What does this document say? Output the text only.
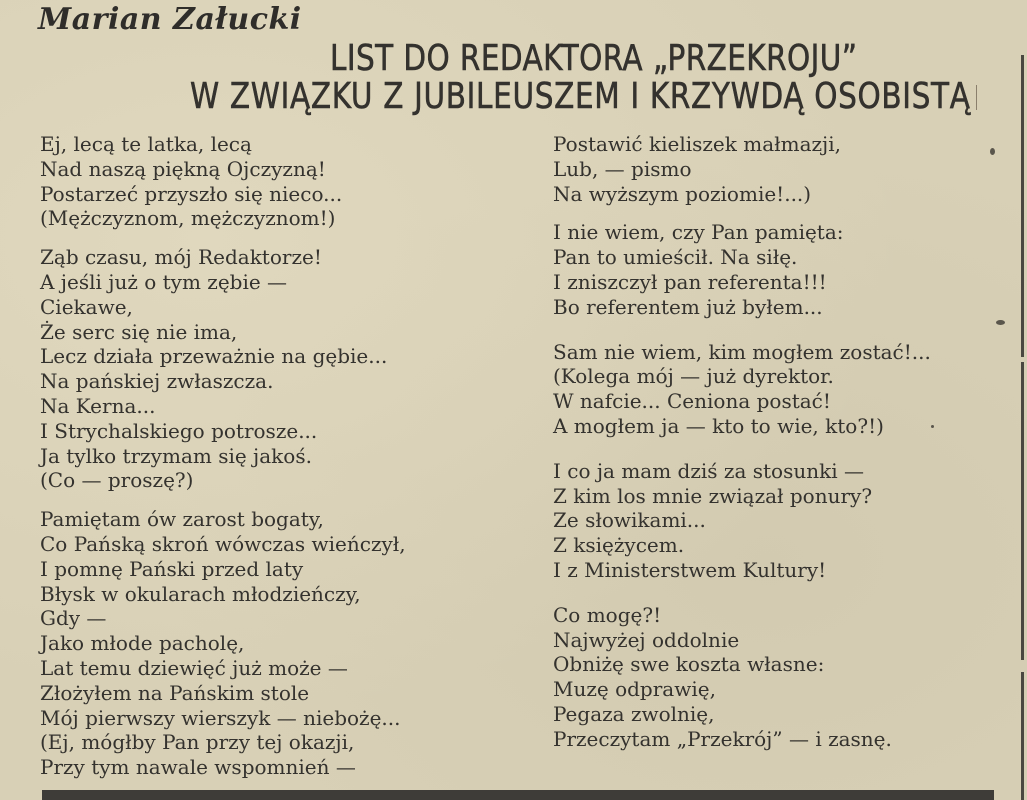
Marian Załucki
LIST DO REDAKTORA „PRZEKROJU”
W ZWIĄZKU Z JUBILEUSZEM I KRZYWDĄ OSOBISTĄ
Ej, lecą te latka, lecą
Nad naszą piękną Ojczyzną!
Postarzeć przyszło się nieco...
(Mężczyznom, mężczyznom!)
Ząb czasu, mój Redaktorze!
A jeśli już o tym zębie —
Ciekawe,
Że serc się nie ima,
Lecz działa przeważnie na gębie...
Na pańskiej zwłaszcza.
Na Kerna...
I Strychalskiego potrosze...
Ja tylko trzymam się jakoś.
(Co — proszę?)
Pamiętam ów zarost bogaty,
Co Pańską skroń wówczas wieńczył,
I pomnę Pański przed laty
Błysk w okularach młodzieńczy,
Gdy —
Jako młode pacholę,
Lat temu dziewięć już może —
Złożyłem na Pańskim stole
Mój pierwszy wierszyk — niebożę...
(Ej, mógłby Pan przy tej okazji,
Przy tym nawale wspomnień —
Postawić kieliszek małmazji,
Lub, — pismo
Na wyższym poziomie!...)
I nie wiem, czy Pan pamięta:
Pan to umieścił. Na siłę.
I zniszczył pan referenta!!!
Bo referentem już byłem...
Sam nie wiem, kim mogłem zostać!...
(Kolega mój — już dyrektor.
W nafcie... Ceniona postać!
A mogłem ja — kto to wie, kto?!)
I co ja mam dziś za stosunki —
Z kim los mnie związał ponury?
Ze słowikami...
Z księżycem.
I z Ministerstwem Kultury!
Co mogę?!
Najwyżej oddolnie
Obniżę swe koszta własne:
Muzę odprawię,
Pegaza zwolnię,
Przeczytam „Przekrój” — i zasnę.
